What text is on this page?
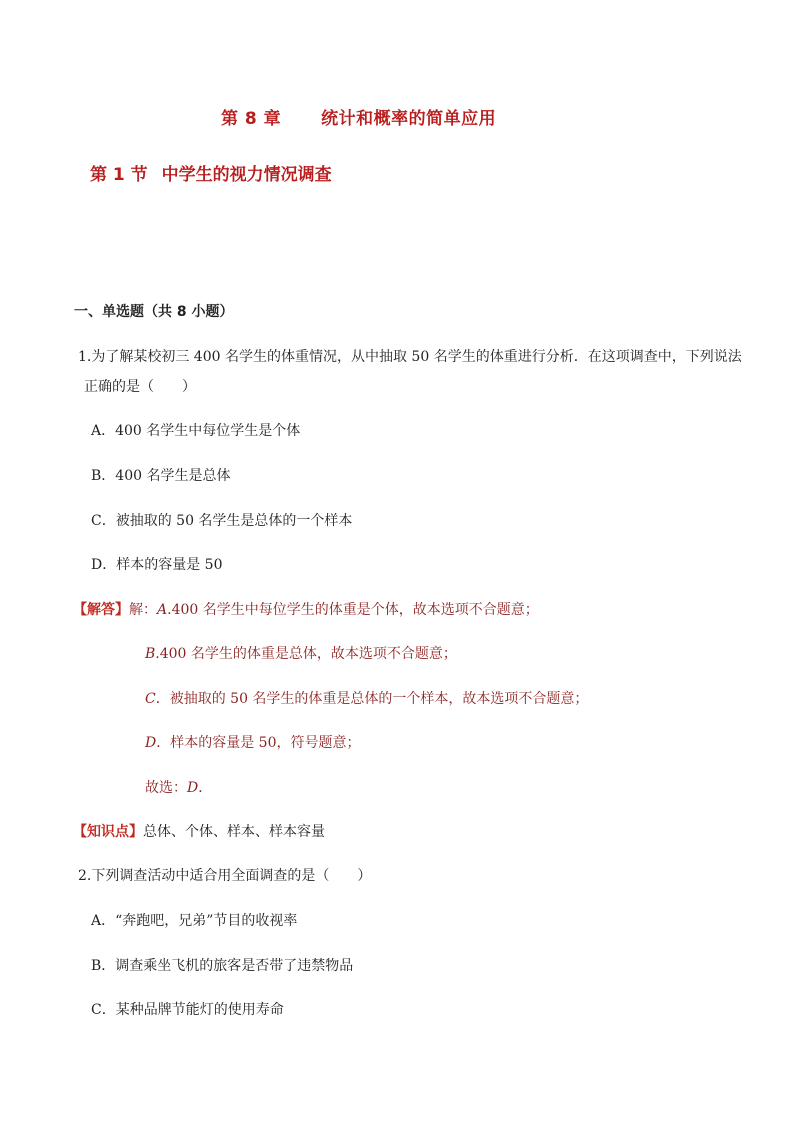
第 8 章 统计和概率的简单应用
第 1 节 中学生的视力情况调查
一、单选题（共 8 小题）
1.为了解某校初三 400 名学生的体重情况，从中抽取 50 名学生的体重进行分析．在这项调查中，下列说法
正确的是（　　）
A．400 名学生中每位学生是个体
B．400 名学生是总体
C．被抽取的 50 名学生是总体的一个样本
D．样本的容量是 50
【解答】解：A.400 名学生中每位学生的体重是个体，故本选项不合题意；
B.400 名学生的体重是总体，故本选项不合题意；
C．被抽取的 50 名学生的体重是总体的一个样本，故本选项不合题意；
D．样本的容量是 50，符号题意；
故选：D．
【知识点】总体、个体、样本、样本容量
2.下列调查活动中适合用全面调查的是（　　）
A．“奔跑吧，兄弟”节目的收视率
B．调查乘坐飞机的旅客是否带了违禁物品
C．某种品牌节能灯的使用寿命
